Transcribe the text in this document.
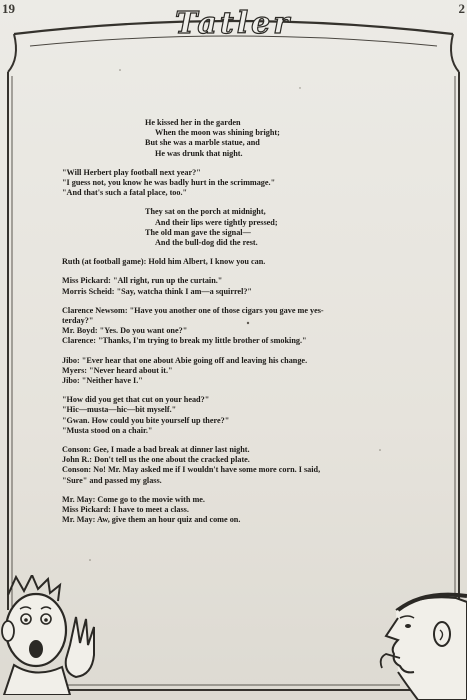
19	2
Tatler
He kissed her in the garden
When the moon was shining bright;
But she was a marble statue, and
He was drunk that night.
"Will Herbert play football next year?"
"I guess not, you know he was badly hurt in the scrimmage."
"And that's such a fatal place, too."
They sat on the porch at midnight,
And their lips were tightly pressed;
The old man gave the signal—
And the bull-dog did the rest.
Ruth (at football game): Hold him Albert, I know you can.
Miss Pickard: "All right, run up the curtain."
Morris Scheid: "Say, watcha think I am—a squirrel?"
Clarence Newsom: "Have you another one of those cigars you gave me yes-
terday?"
Mr. Boyd: "Yes. Do you want one?"
Clarence: "Thanks, I'm trying to break my little brother of smoking."
Jibo: "Ever hear that one about Abie going off and leaving his change.
Myers: "Never heard about it."
Jibo: "Neither have I."
"How did you get that cut on your head?"
"Hic—musta—hic—bit myself."
"Gwan. How could you bite yourself up there?"
"Musta stood on a chair."
Conson: Gee, I made a bad break at dinner last night.
John R.: Don't tell us the one about the cracked plate.
Conson: No! Mr. May asked me if I wouldn't have some more corn. I said,
"Sure" and passed my glass.
Mr. May: Come go to the movie with me.
Miss Pickard: I have to meet a class.
Mr. May: Aw, give them an hour quiz and come on.
